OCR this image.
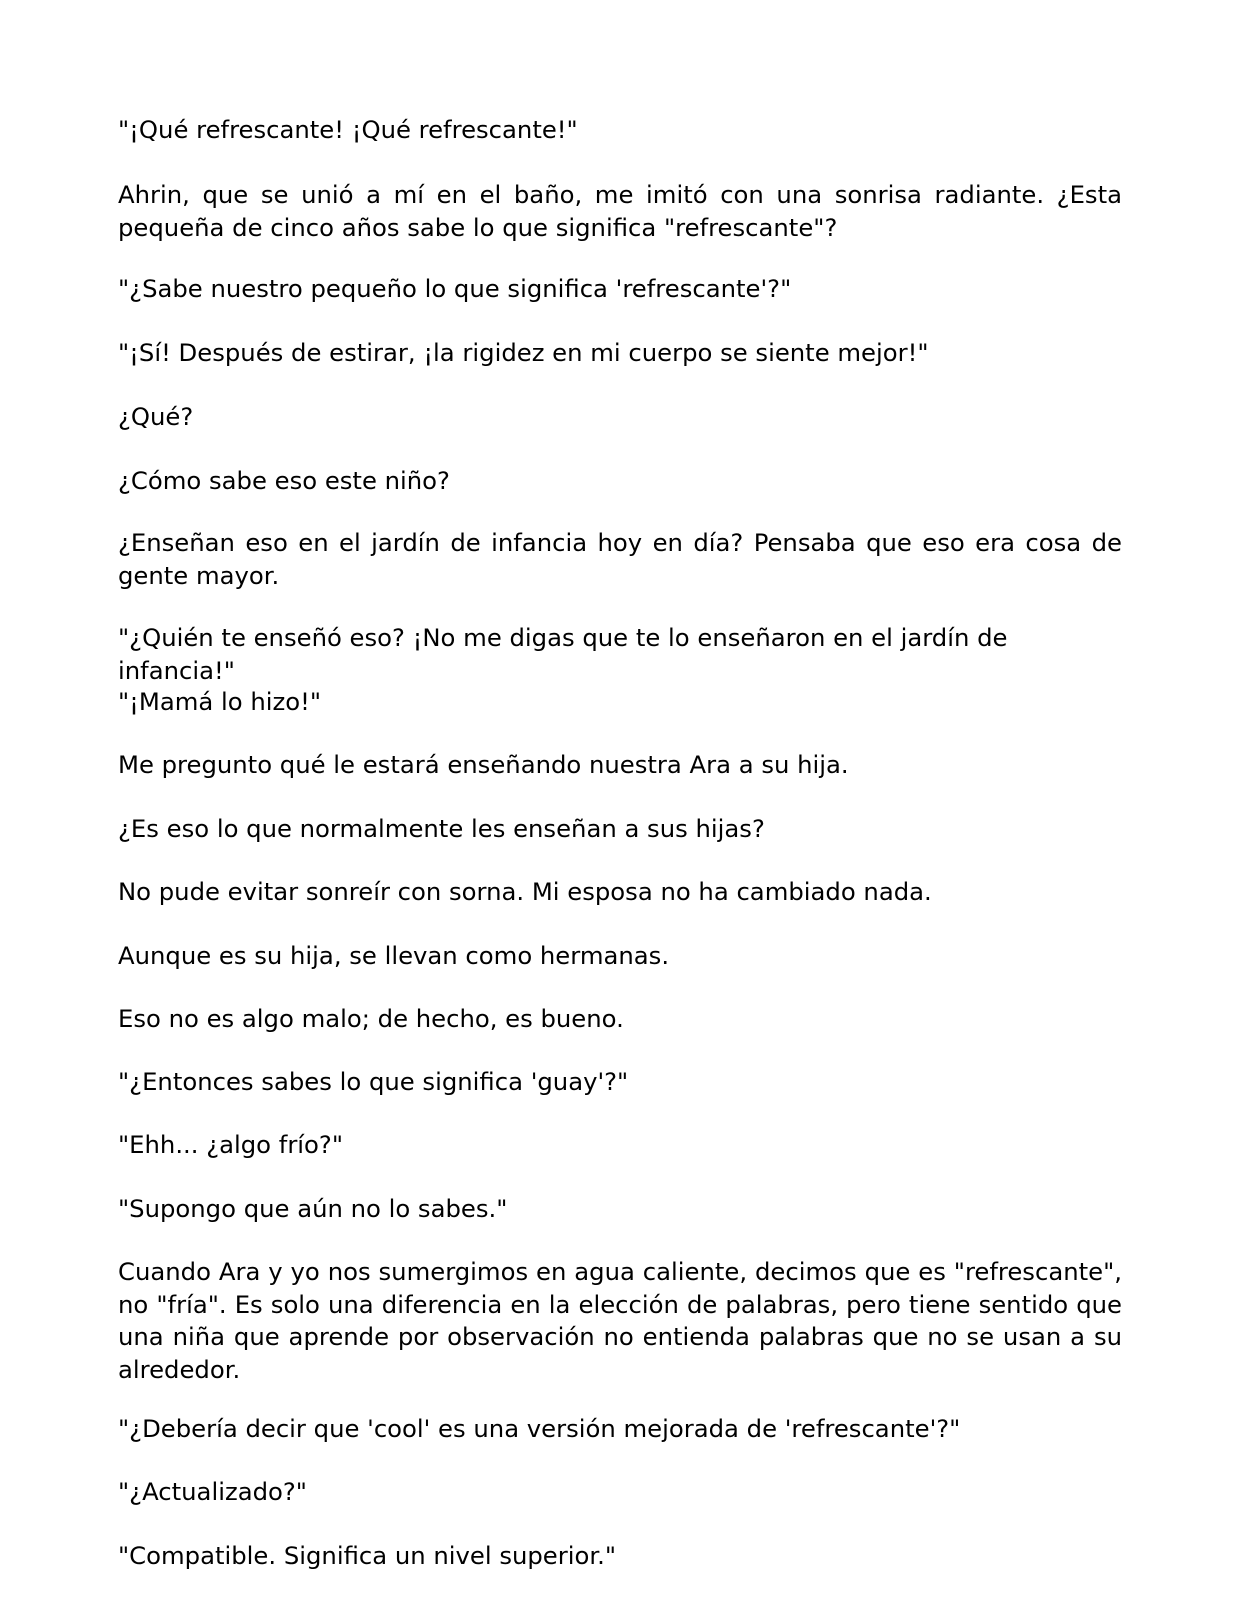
"¡Qué refrescante! ¡Qué refrescante!"

Ahrin, que se unió a mí en el baño, me imitó con una sonrisa radiante. ¿Esta pequeña de cinco años sabe lo que significa "refrescante"?

"¿Sabe nuestro pequeño lo que significa 'refrescante'?"

"¡Sí! Después de estirar, ¡la rigidez en mi cuerpo se siente mejor!"

¿Qué?

¿Cómo sabe eso este niño?

¿Enseñan eso en el jardín de infancia hoy en día? Pensaba que eso era cosa de gente mayor.

"¿Quién te enseñó eso? ¡No me digas que te lo enseñaron en el jardín de infancia!"

"¡Mamá lo hizo!"

Me pregunto qué le estará enseñando nuestra Ara a su hija.

¿Es eso lo que normalmente les enseñan a sus hijas?

No pude evitar sonreír con sorna. Mi esposa no ha cambiado nada.

Aunque es su hija, se llevan como hermanas.

Eso no es algo malo; de hecho, es bueno.

"¿Entonces sabes lo que significa 'guay'?"

"Ehh... ¿algo frío?"

"Supongo que aún no lo sabes."

Cuando Ara y yo nos sumergimos en agua caliente, decimos que es "refrescante", no "fría". Es solo una diferencia en la elección de palabras, pero tiene sentido que una niña que aprende por observación no entienda palabras que no se usan a su alrededor.

"¿Debería decir que 'cool' es una versión mejorada de 'refrescante'?"

"¿Actualizado?"

"Compatible. Significa un nivel superior."
